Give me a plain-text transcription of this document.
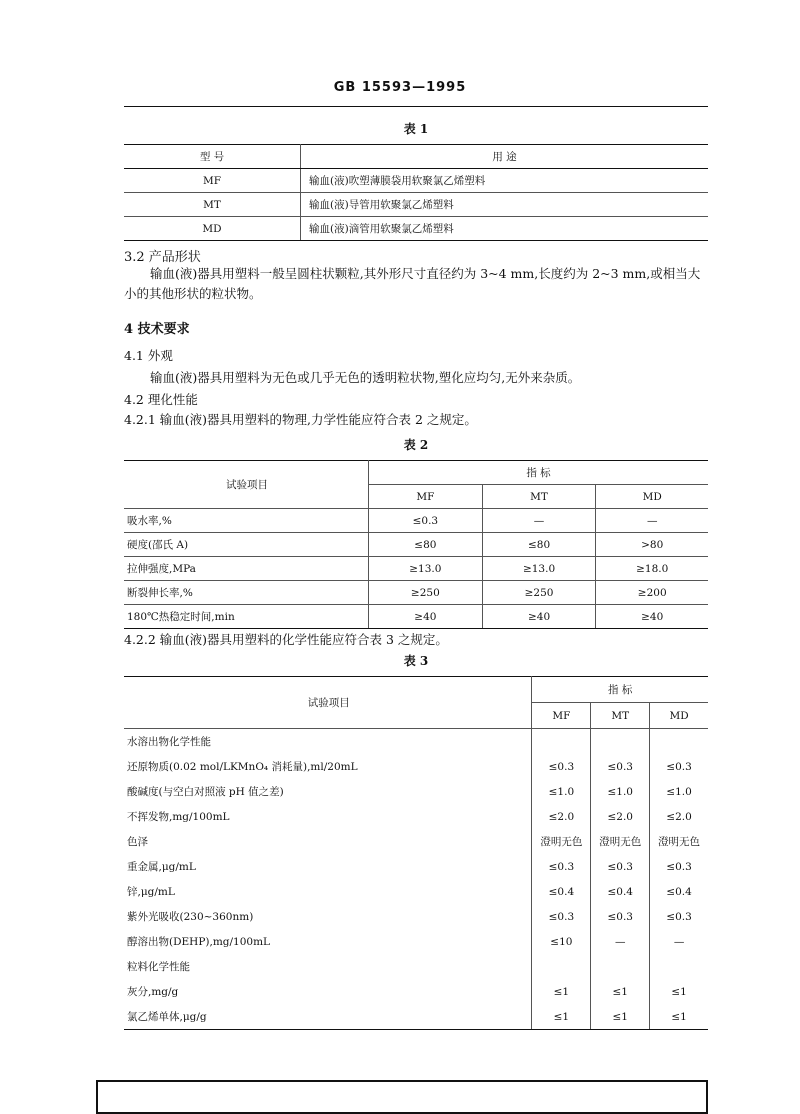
GB 15593—1995
表 1
型 号	用 途
MF	输血(液)吹塑薄膜袋用软聚氯乙烯塑料
MT	输血(液)导管用软聚氯乙烯塑料
MD	输血(液)滴管用软聚氯乙烯塑料
3.2 产品形状
输血(液)器具用塑料一般呈圆柱状颗粒,其外形尺寸直径约为 3~4 mm,长度约为 2~3 mm,或相当大小的其他形状的粒状物。
4 技术要求
4.1 外观
输血(液)器具用塑料为无色或几乎无色的透明粒状物,塑化应均匀,无外来杂质。
4.2 理化性能
4.2.1 输血(液)器具用塑料的物理,力学性能应符合表 2 之规定。
表 2
试验项目	指 标		
	MF	MT	MD
吸水率,%	≤0.3	—	—
硬度(邵氏 A)	≤80	≤80	>80
拉伸强度,MPa	≥13.0	≥13.0	≥18.0
断裂伸长率,%	≥250	≥250	≥200
180℃热稳定时间,min	≥40	≥40	≥40
4.2.2 输血(液)器具用塑料的化学性能应符合表 3 之规定。
表 3
试验项目	指 标		
	MF	MT	MD
水溶出物化学性能			
还原物质(0.02 mol/LKMnO₄ 消耗量),ml/20mL	≤0.3	≤0.3	≤0.3
酸碱度(与空白对照液 pH 值之差)	≤1.0	≤1.0	≤1.0
不挥发物,mg/100mL	≤2.0	≤2.0	≤2.0
色泽	澄明无色	澄明无色	澄明无色
重金属,μg/mL	≤0.3	≤0.3	≤0.3
锌,μg/mL	≤0.4	≤0.4	≤0.4
紫外光吸收(230~360nm)	≤0.3	≤0.3	≤0.3
醇溶出物(DEHP),mg/100mL	≤10	—	—
粒料化学性能			
灰分,mg/g	≤1	≤1	≤1
氯乙烯单体,μg/g	≤1	≤1	≤1
